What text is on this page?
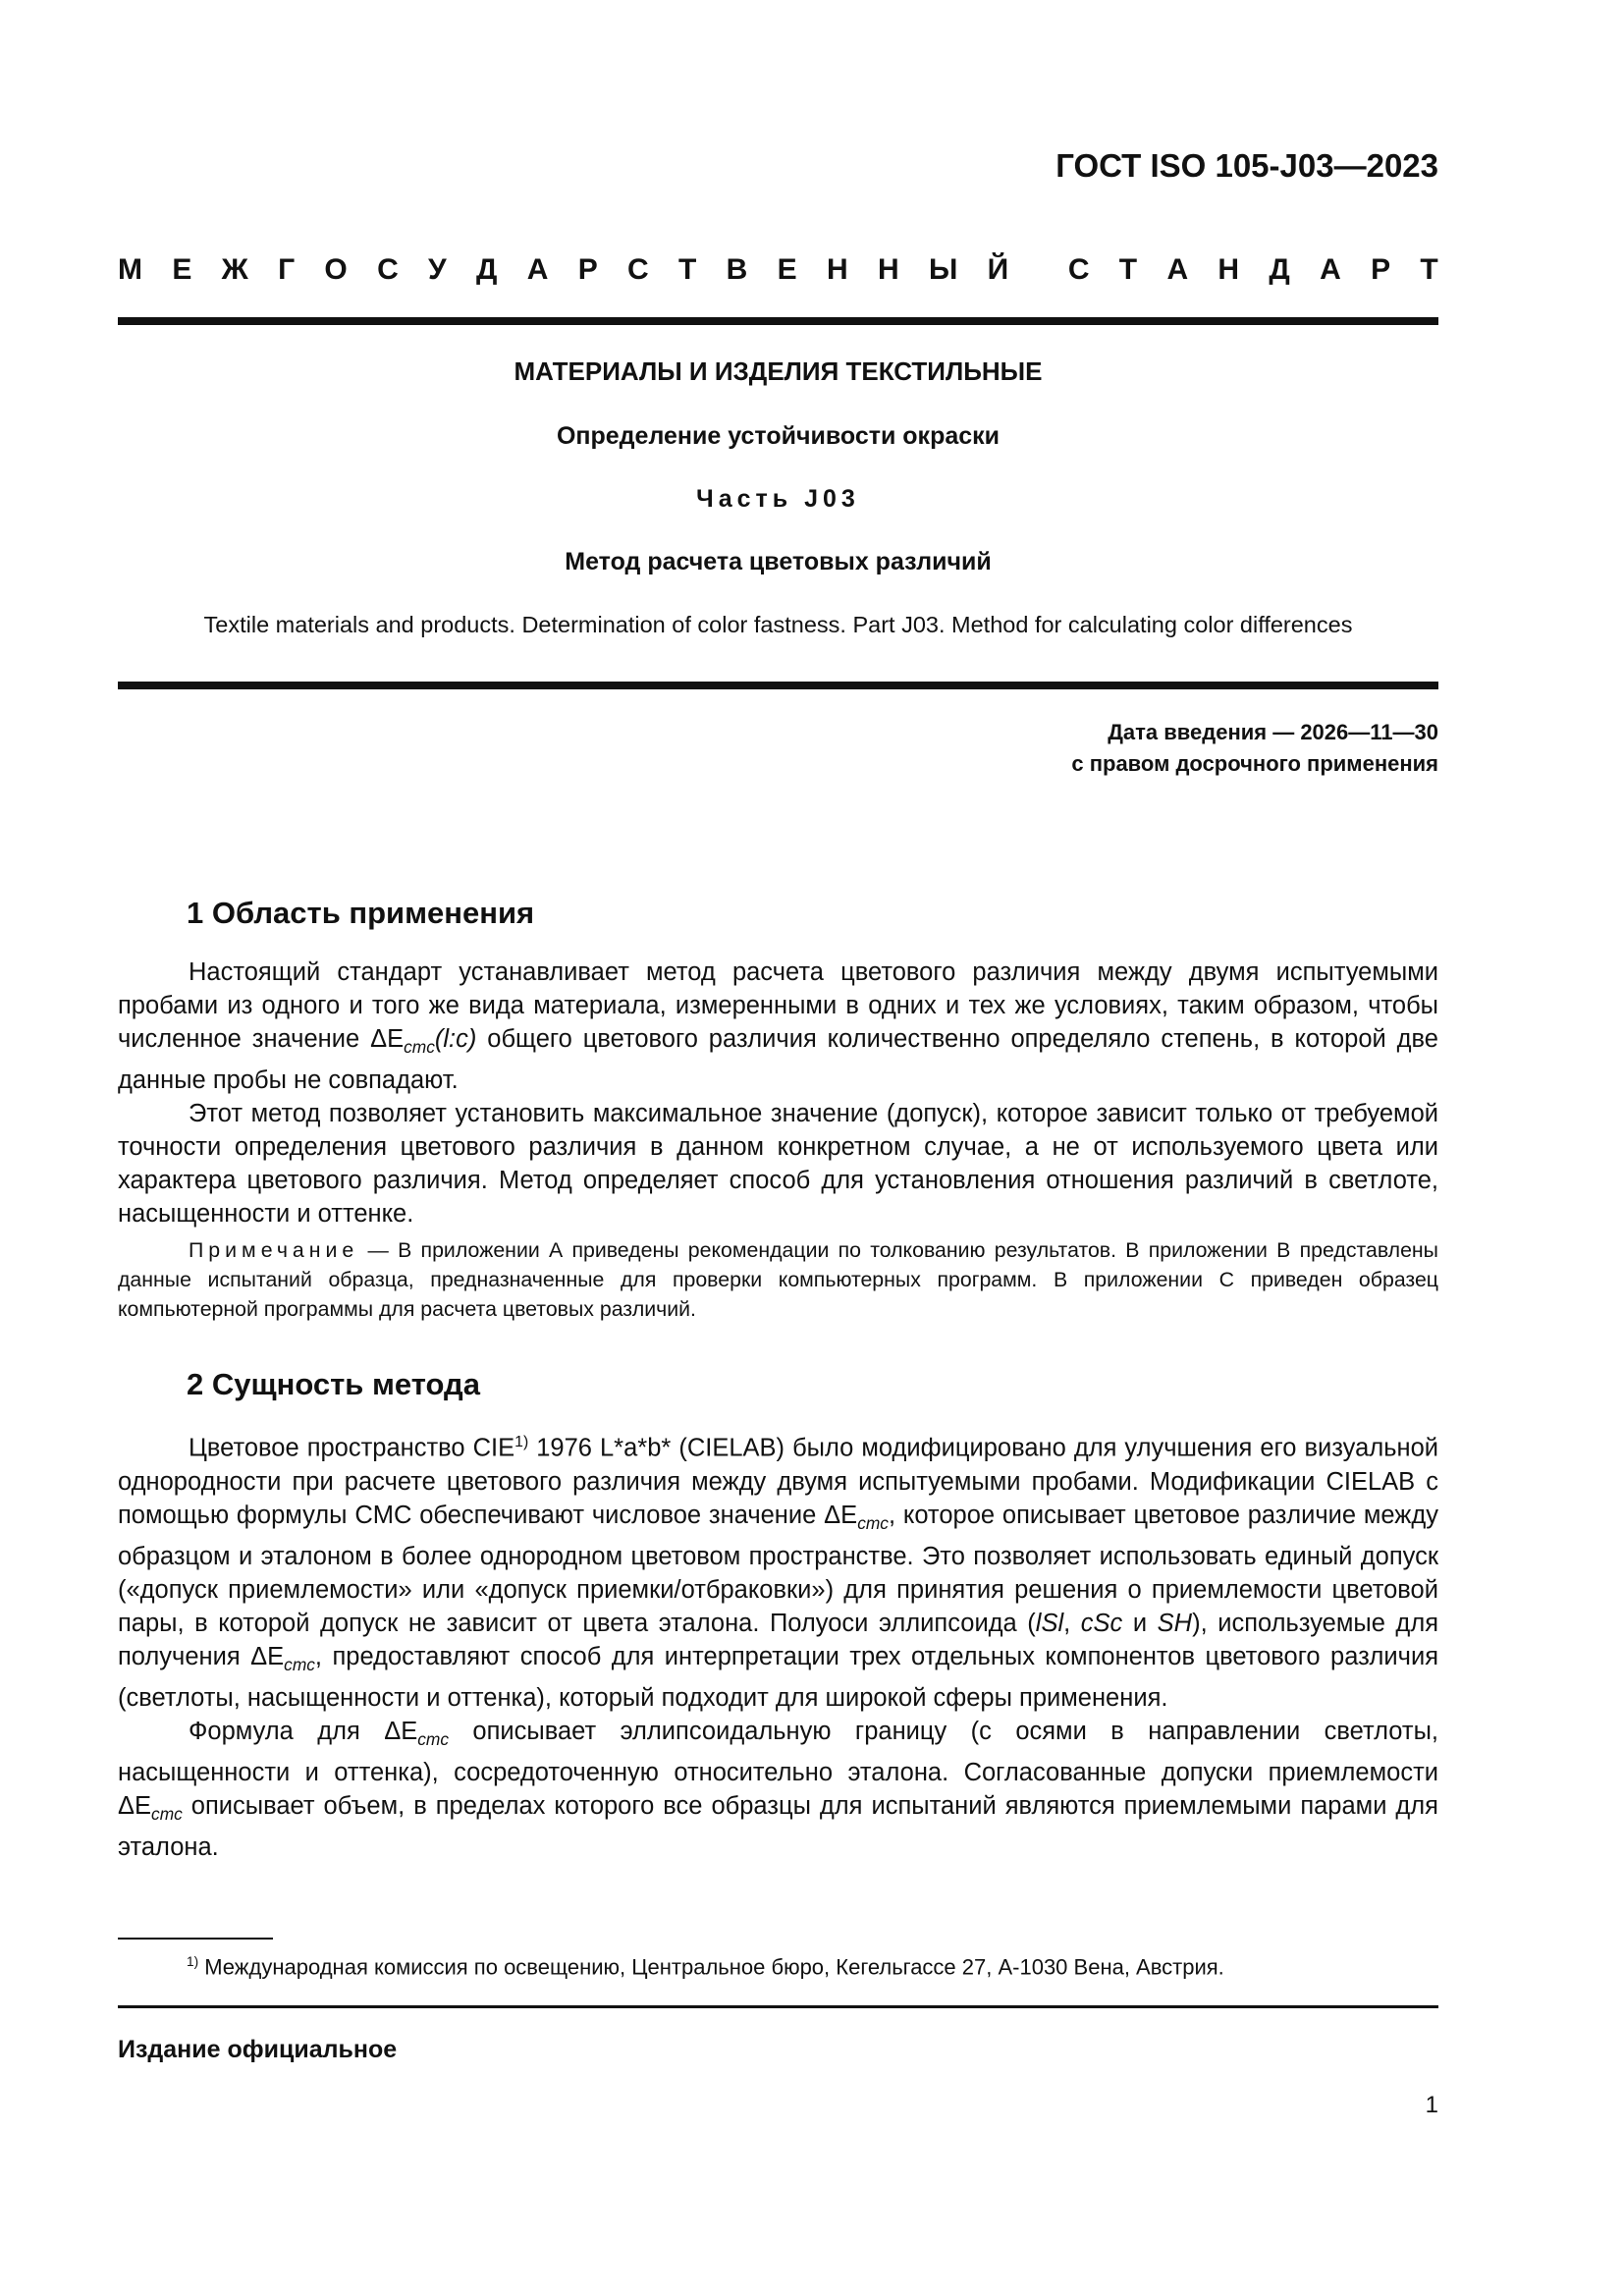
ГОСТ ISO 105-J03—2023
М Е Ж Г О С У Д А Р С Т В Е Н Н Ы Й С Т А Н Д А Р Т
МАТЕРИАЛЫ И ИЗДЕЛИЯ ТЕКСТИЛЬНЫЕ
Определение устойчивости окраски
Часть J03
Метод расчета цветовых различий
Textile materials and products. Determination of color fastness. Part J03. Method for calculating color differences
Дата введения — 2026—11—30
с правом досрочного применения
1 Область применения

Настоящий стандарт устанавливает метод расчета цветового различия между двумя испытуемыми пробами из одного и того же вида материала, измеренными в одних и тех же условиях, таким образом, чтобы численное значение $\Delta E_{cmc}(l:c)$ общего цветового различия количественно определяло степень, в которой две данные пробы не совпадают.

Этот метод позволяет установить максимальное значение (допуск), которое зависит только от требуемой точности определения цветового различия в данном конкретном случае, а не от используемого цвета или характера цветового различия. Метод определяет способ для установления отношения различий в светлоте, насыщенности и оттенке.

Примечание — В приложении А приведены рекомендации по толкованию результатов. В приложении В представлены данные испытаний образца, предназначенные для проверки компьютерных программ. В приложении С приведен образец компьютерной программы для расчета цветовых различий.

2 Сущность метода

Цветовое пространство CIE$^{1)}$ 1976 L*a*b* (CIELAB) было модифицировано для улучшения его визуальной однородности при расчете цветового различия между двумя испытуемыми пробами. Модификации CIELAB с помощью формулы CMC обеспечивают числовое значение $\Delta E_{cmc}$, которое описывает цветовое различие между образцом и эталоном в более однородном цветовом пространстве. Это позволяет использовать единый допуск («допуск приемлемости» или «допуск приемки/отбраковки») для принятия решения о приемлемости цветовой пары, в которой допуск не зависит от цвета эталона. Полуоси эллипсоида (lSl, cSc и SH), используемые для получения $\Delta E_{cmc}$, предоставляют способ для интерпретации трех отдельных компонентов цветового различия (светлоты, насыщенности и оттенка), который подходит для широкой сферы применения.

Формула для $\Delta E_{cmc}$ описывает эллипсоидальную границу (с осями в направлении светлоты, насыщенности и оттенка), сосредоточенную относительно эталона. Согласованные допуски приемлемости $\Delta E_{cmc}$ описывает объем, в пределах которого все образцы для испытаний являются приемлемыми парами для эталона.

$^{1)}$ Международная комиссия по освещению, Центральное бюро, Кегельгассе 27, A-1030 Вена, Австрия.
Издание официальное
1
